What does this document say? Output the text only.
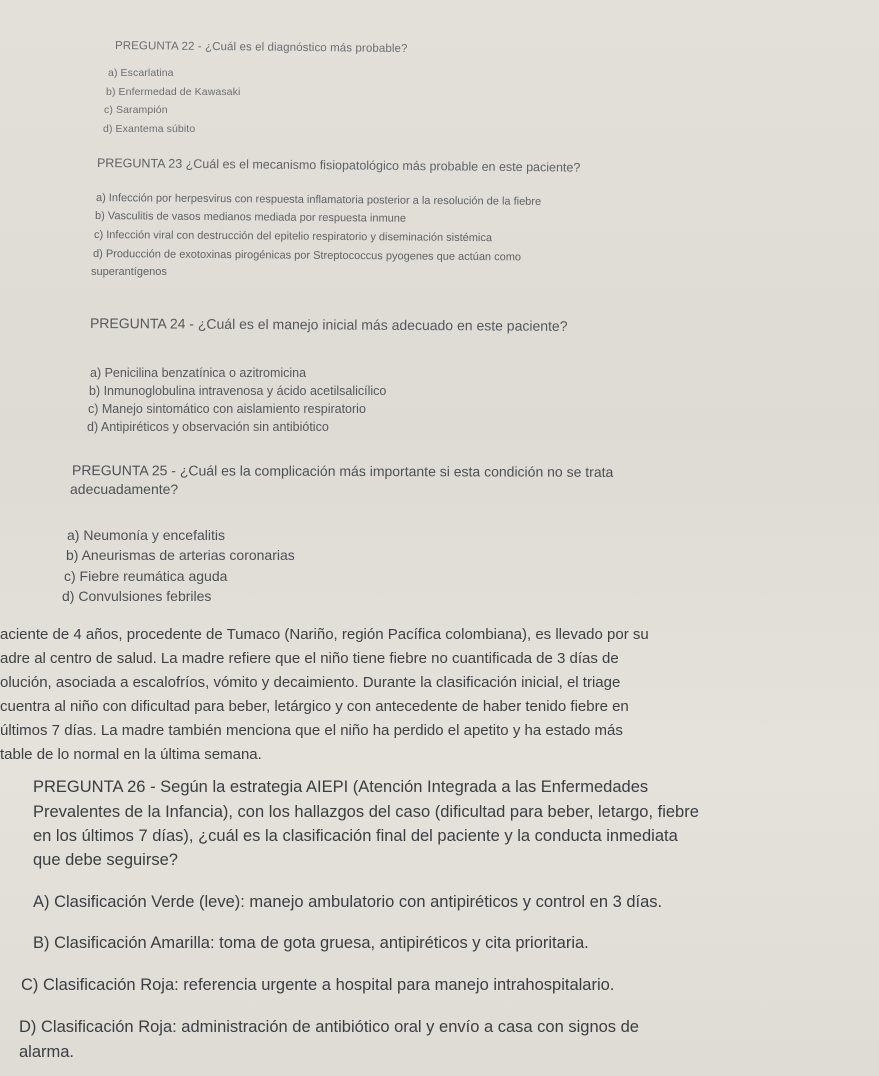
PREGUNTA 22 - ¿Cuál es el diagnóstico más probable?

a) Escarlatina

b) Enfermedad de Kawasaki

c) Sarampión

d) Exantema súbito

PREGUNTA 23 ¿Cuál es el mecanismo fisiopatológico más probable en este paciente?

a) Infección por herpesvirus con respuesta inflamatoria posterior a la resolución de la fiebre

b) Vasculitis de vasos medianos mediada por respuesta inmune

c) Infección viral con destrucción del epitelio respiratorio y diseminación sistémica

d) Producción de exotoxinas pirogénicas por Streptococcus pyogenes que actúan como

superantígenos

PREGUNTA 24 - ¿Cuál es el manejo inicial más adecuado en este paciente?

a) Penicilina benzatínica o azitromicina

b) Inmunoglobulina intravenosa y ácido acetilsalicílico

c) Manejo sintomático con aislamiento respiratorio

d) Antipiréticos y observación sin antibiótico

PREGUNTA 25 - ¿Cuál es la complicación más importante si esta condición no se trata

adecuadamente?

a) Neumonía y encefalitis

b) Aneurismas de arterias coronarias

c) Fiebre reumática aguda

d) Convulsiones febriles

aciente de 4 años, procedente de Tumaco (Nariño, región Pacífica colombiana), es llevado por su

adre al centro de salud. La madre refiere que el niño tiene fiebre no cuantificada de 3 días de

olución, asociada a escalofríos, vómito y decaimiento. Durante la clasificación inicial, el triage

cuentra al niño con dificultad para beber, letárgico y con antecedente de haber tenido fiebre en

últimos 7 días. La madre también menciona que el niño ha perdido el apetito y ha estado más

table de lo normal en la última semana.

PREGUNTA 26 - Según la estrategia AIEPI (Atención Integrada a las Enfermedades

Prevalentes de la Infancia), con los hallazgos del caso (dificultad para beber, letargo, fiebre

en los últimos 7 días), ¿cuál es la clasificación final del paciente y la conducta inmediata

que debe seguirse?

A) Clasificación Verde (leve): manejo ambulatorio con antipiréticos y control en 3 días.

B) Clasificación Amarilla: toma de gota gruesa, antipiréticos y cita prioritaria.

C) Clasificación Roja: referencia urgente a hospital para manejo intrahospitalario.

D) Clasificación Roja: administración de antibiótico oral y envío a casa con signos de

alarma.
